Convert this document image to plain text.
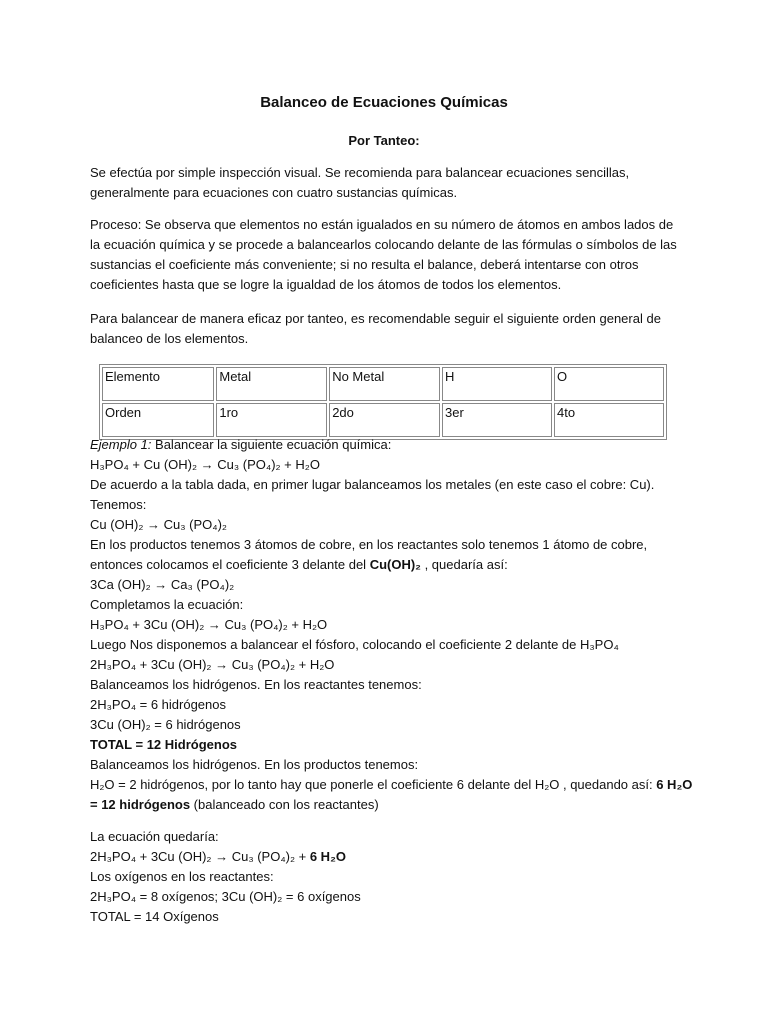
Balanceo de Ecuaciones Químicas
Por Tanteo:

Se efectúa por simple inspección visual. Se recomienda para balancear ecuaciones sencillas, generalmente para ecuaciones con cuatro sustancias químicas.

Proceso: Se observa que elementos no están igualados en su número de átomos en ambos lados de la ecuación química y se procede a balancearlos colocando delante de las fórmulas o símbolos de las sustancias el coeficiente más conveniente; si no resulta el balance, deberá intentarse con otros coeficientes hasta que se logre la igualdad de los átomos de todos los elementos.

Para balancear de manera eficaz por tanteo, es recomendable seguir el siguiente orden general de balanceo de los elementos.

Elemento	Metal	No Metal	H	O
Orden	1ro	2do	3er	4to
Ejemplo 1: Balancear la siguiente ecuación química:
H₃PO₄ + Cu (OH)₂ → Cu₃ (PO₄)₂ + H₂O
De acuerdo a la tabla dada, en primer lugar balanceamos los metales (en este caso el cobre: Cu).
Tenemos:
Cu (OH)₂ → Cu₃ (PO₄)₂
En los productos tenemos 3 átomos de cobre, en los reactantes solo tenemos 1 átomo de cobre,
entonces colocamos el coeficiente 3 delante del Cu(OH)₂ , quedaría así:
3Ca (OH)₂ → Ca₃ (PO₄)₂
Completamos la ecuación:
H₃PO₄ + 3Cu (OH)₂ → Cu₃ (PO₄)₂ + H₂O
Luego Nos disponemos a balancear el fósforo, colocando el coeficiente 2 delante de H₃PO₄
2H₃PO₄ + 3Cu (OH)₂ → Cu₃ (PO₄)₂ + H₂O
Balanceamos los hidrógenos. En los reactantes tenemos:
2H₃PO₄ = 6 hidrógenos
3Cu (OH)₂ = 6 hidrógenos
TOTAL = 12 Hidrógenos
Balanceamos los hidrógenos. En los productos tenemos:
H₂O = 2 hidrógenos, por lo tanto hay que ponerle el coeficiente 6 delante del H₂O , quedando así: 6 H₂O
= 12 hidrógenos (balanceado con los reactantes)
La ecuación quedaría:
2H₃PO₄ + 3Cu (OH)₂ → Cu₃ (PO₄)₂ + 6 H₂O
Los oxígenos en los reactantes:
2H₃PO₄ = 8 oxígenos; 3Cu (OH)₂ = 6 oxígenos
TOTAL = 14 Oxígenos
